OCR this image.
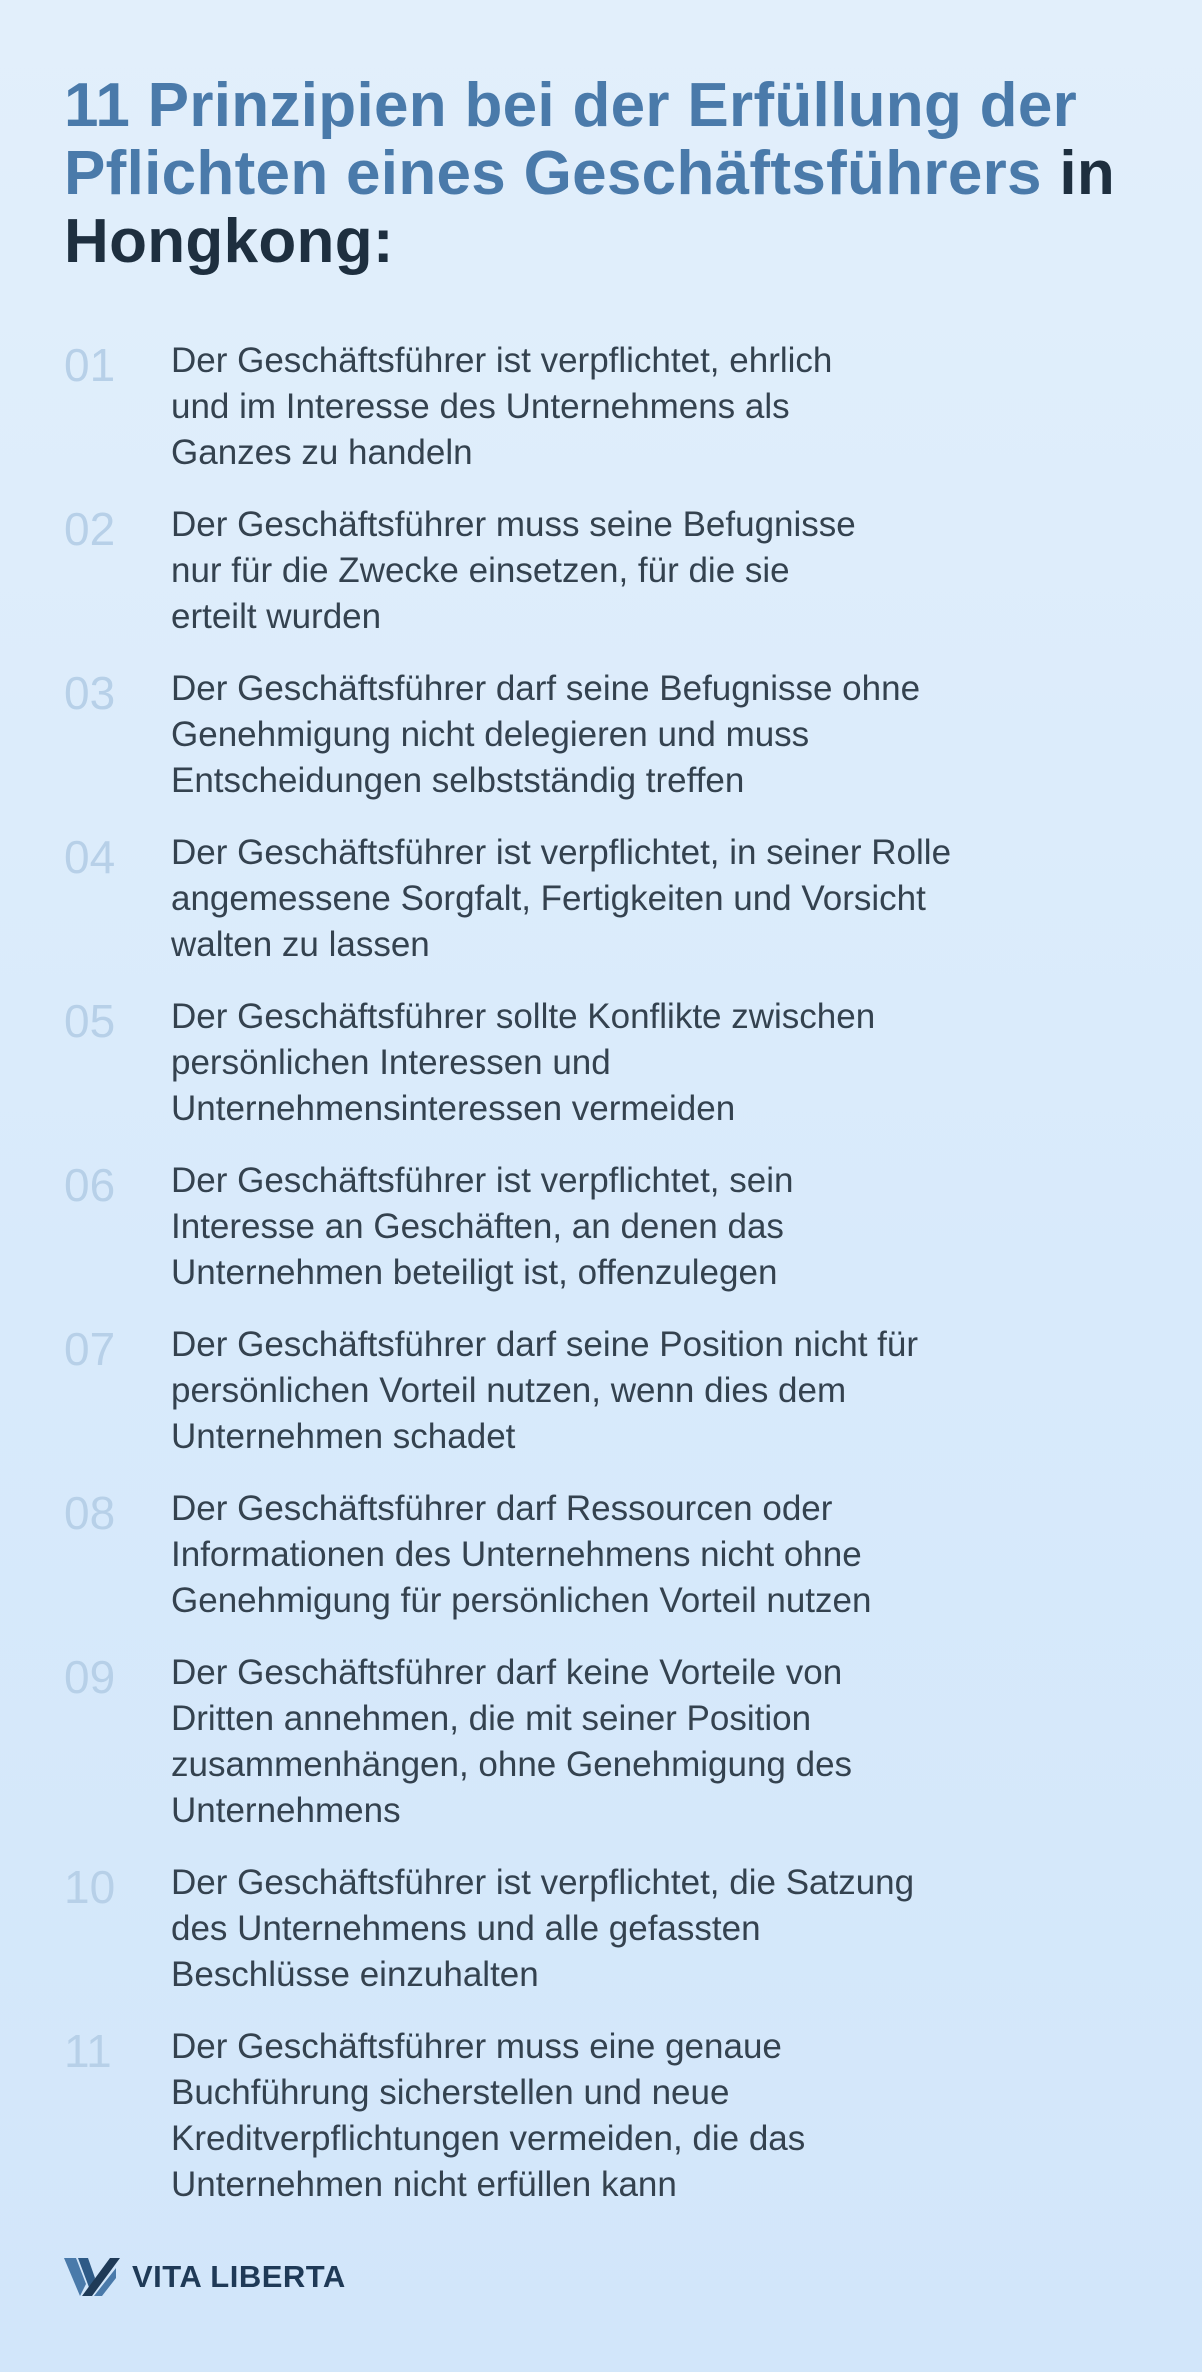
11 Prinzipien bei der Erfüllung der Pflichten eines Geschäftsführers in Hongkong:
01	Der Geschäftsführer ist verpflichtet, ehrlich
und im Interesse des Unternehmens als
Ganzes zu handeln
02	Der Geschäftsführer muss seine Befugnisse
nur für die Zwecke einsetzen, für die sie
erteilt wurden
03	Der Geschäftsführer darf seine Befugnisse ohne
Genehmigung nicht delegieren und muss
Entscheidungen selbstständig treffen
04	Der Geschäftsführer ist verpflichtet, in seiner Rolle
angemessene Sorgfalt, Fertigkeiten und Vorsicht
walten zu lassen
05	Der Geschäftsführer sollte Konflikte zwischen
persönlichen Interessen und
Unternehmensinteressen vermeiden
06	Der Geschäftsführer ist verpflichtet, sein
Interesse an Geschäften, an denen das
Unternehmen beteiligt ist, offenzulegen
07	Der Geschäftsführer darf seine Position nicht für
persönlichen Vorteil nutzen, wenn dies dem
Unternehmen schadet
08	Der Geschäftsführer darf Ressourcen oder
Informationen des Unternehmens nicht ohne
Genehmigung für persönlichen Vorteil nutzen
09	Der Geschäftsführer darf keine Vorteile von
Dritten annehmen, die mit seiner Position
zusammenhängen, ohne Genehmigung des
Unternehmens
10	Der Geschäftsführer ist verpflichtet, die Satzung
des Unternehmens und alle gefassten
Beschlüsse einzuhalten
11	Der Geschäftsführer muss eine genaue
Buchführung sicherstellen und neue
Kreditverpflichtungen vermeiden, die das
Unternehmen nicht erfüllen kann
VITA LIBERTA
